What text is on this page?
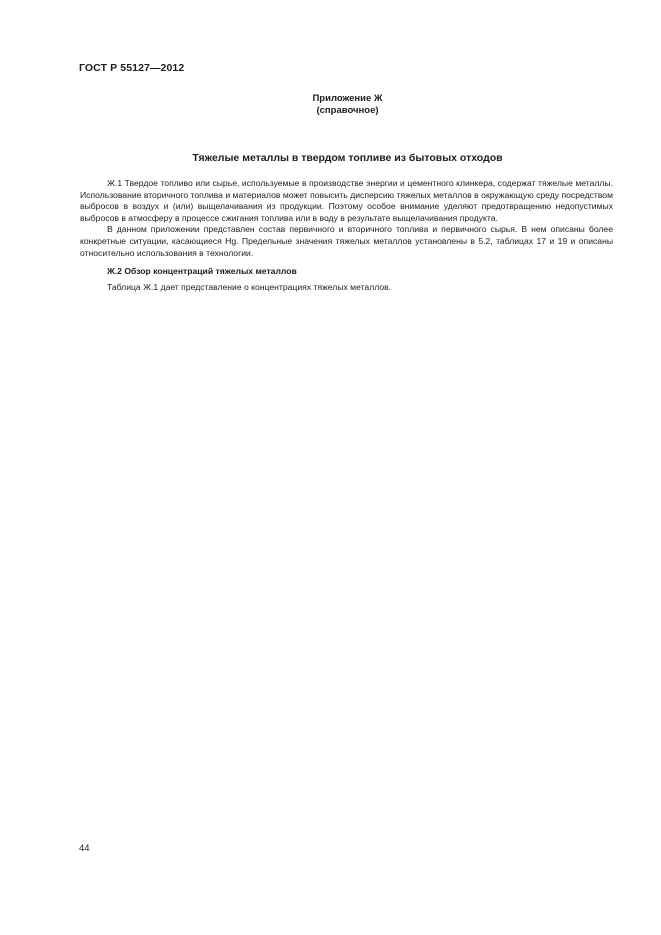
ГОСТ Р 55127—2012
Приложение Ж
(справочное)
Тяжелые металлы в твердом топливе из бытовых отходов

Ж.1 Твердое топливо или сырье, используемые в производстве энергии и цементного клинкера, содержат тяжелые металлы. Использование вторичного топлива и материалов может повысить дисперсию тяжелых металлов в окружающую среду посредством выбросов в воздух и (или) выщелачивания из продукции. Поэтому особое внимание уделяют предотвращению недопустимых выбросов в атмосферу в процессе сжигания топлива или в воду в результате выщелачивания продукта.

В данном приложении представлен состав первичного и вторичного топлива и первичного сырья. В нем описаны более конкретные ситуации, касающиеся Hg. Предельные значения тяжелых металлов установлены в 5.2, таблицах 17 и 19 и описаны относительно использования в технологии.

Ж.2 Обзор концентраций тяжелых металлов

Таблица Ж.1 дает представление о концентрациях тяжелых металлов.

44
